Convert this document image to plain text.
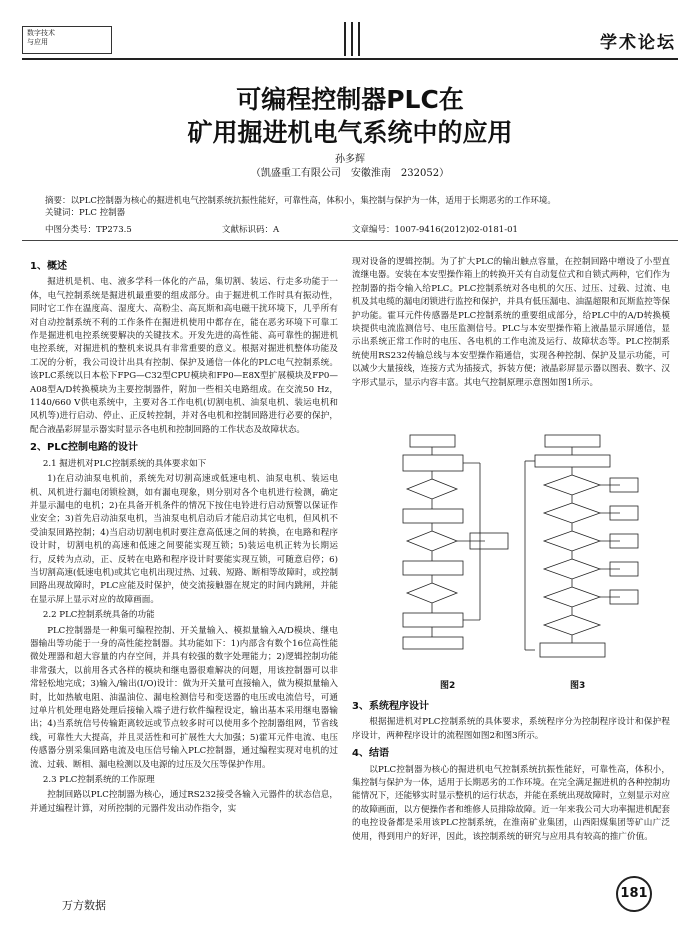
数字技术
与应用	学术论坛
可编程控制器PLC在
矿用掘进机电气系统中的应用
孙多辉
（凯盛重工有限公司　安徽淮南　232052）
摘要：以PLC控制器为核心的掘进机电气控制系统抗振性能好，可靠性高，体积小，集控制与保护为一体，适用于长期恶劣的工作环境。
关键词：PLC 控制器
中图分类号：TP273.5	文献标识码：A	文章编号：1007-9416(2012)02-0181-01
1、概述

掘进机是机、电、液多学科一体化的产品，集切割、装运、行走多功能于一体，电气控制系统是掘进机最重要的组成部分。由于掘进机工作时具有振动性，同时它工作在温度高、湿度大、高粉尘、高瓦斯和高电磁干扰环境下，几乎所有对自动控制系统不利的工作条件在掘进机使用中都存在，能在恶劣环境下可靠工作是掘进机电控系统要解决的关键技术。开发先进的高性能、高可靠性的掘进机电控系统，对掘进机的整机来说具有非常重要的意义。根据对掘进机整体功能及工况的分析，我公司设计出具有控制、保护及通信一体化的PLC电气控制系统。该PLC系统以日本松下FPG—C32型CPU模块和FP0—E8X型扩展模块及FP0—A08型A/D转换模块为主要控制器件，附加一些相关电路组成。在交流50 Hz，1140/660 V供电系统中，主要对各工作电机(切割电机、油泵电机、装运电机和风机等)进行启动、停止、正反转控制，并对各电机和控制回路进行必要的保护，配合液晶彩屏显示器实时显示各电机和控制回路的工作状态及故障状态。

2、PLC控制电路的设计
2.1 掘进机对PLC控制系统的具体要求如下

1)在启动油泵电机前，系统先对切割高速或低速电机、油泵电机、装运电机、风机进行漏电闭锁检测，如有漏电现象，则分别对各个电机进行检测，确定并显示漏电的电机；2)在具备开机条件的情况下按住电铃进行启动预警以保证作业安全；3)首先启动油泵电机，当油泵电机启动后才能启动其它电机，但风机不受油泵回路控制；4)当启动切割电机时要注意高低速之间的转换，在电路和程序设计时，切割电机的高速和低速之间要能实现互锁；5)装运电机正转为长期运行，反转为点动，正、反转在电路和程序设计时要能实现互锁，可随意启停；6)当切割高速(低速电机)或其它电机出现过热、过载、短路、断相等故障时，或控制回路出现故障时，PLC应能及时保护，使交流接触器在规定的时间内跳闸，并能在显示屏上显示对应的故障画面。

2.2 PLC控制系统具备的功能

PLC控制器是一种集可编程控制、开关量输入、模拟量输入A/D模块、继电器输出等功能于一身的高性能控制器。其功能如下：1)内部含有数个16位高性能微处理器和超大容量的内存空间，并具有较强的数字处理能力；2)逻辑控制功能非常强大，以前用各式各样的模块和继电器很难解决的问题，用该控制器可以非常轻松地完成；3)输入/输出(I/O)设计：做为开关量可直接输入，做为模拟量输入时，比如热敏电阻、油温油位、漏电检测信号和变送器的电压或电流信号，可通过单片机处理电路处理后接输入端子进行软件编程设定，输出基本采用继电器输出；4)当系统信号传输距离较远或节点较多时可以使用多个控制器组网，节省线线，可靠性大大提高，并且灵活性和可扩展性大大加强；5)霍耳元件电流、电压传感器分别采集回路电流及电压信号输入PLC控制器，通过编程实现对电机的过流、过载、断相、漏电检测以及电源的过压及欠压等保护作用。

2.3 PLC控制系统的工作原理

控制回路以PLC控制器为核心，通过RS232接受各输入元器件的状态信息，并通过编程计算，对所控制的元器件发出动作指令，实

现对设备的逻辑控制。为了扩大PLC的输出触点容量，在控制回路中增设了小型直流继电器。安装在本安型操作箱上的转换开关有自动复位式和自锁式两种，它们作为控制器的指令输入给PLC。PLC控制系统对各电机的欠压、过压、过载、过流、电机及其电缆的漏电闭锁进行监控和保护，并具有低压漏电、油温超限和瓦斯监控等保护功能。霍耳元件传感器是PLC控制系统的重要组成部分，给PLC中的A/D转换模块提供电流监测信号、电压监测信号。PLC与本安型操作箱上液晶显示屏通信，显示出系统正常工作时的电压、各电机的工作电流及运行、故障状态等。PLC控制系统使用RS232传输总线与本安型操作箱通信，实现各种控制、保护及显示功能，可以减少大量接线，连接方式为插接式，拆装方便；液晶彩屏显示器以图表、数字、汉字形式显示，显示内容丰富。其电气控制原理示意图如图1所示。

图2	图3
3、系统程序设计

根据掘进机对PLC控制系统的具体要求，系统程序分为控制程序设计和保护程序设计，两种程序设计的流程图如图2和图3所示。

4、结语

以PLC控制器为核心的掘进机电气控制系统抗振性能好，可靠性高，体积小，集控制与保护为一体，适用于长期恶劣的工作环境。在完全满足掘进机的各种控制功能情况下，还能够实时显示整机的运行状态，并能在系统出现故障时，立刻显示对应的故障画面，以方便操作者和维修人员排除故障。近一年来我公司大功率掘进机配套的电控设备都是采用该PLC控制系统，在淮南矿业集团，山西阳煤集团等矿山广泛使用，得到用户的好评，因此，该控制系统的研究与应用具有较高的推广价值。

万方数据
181
